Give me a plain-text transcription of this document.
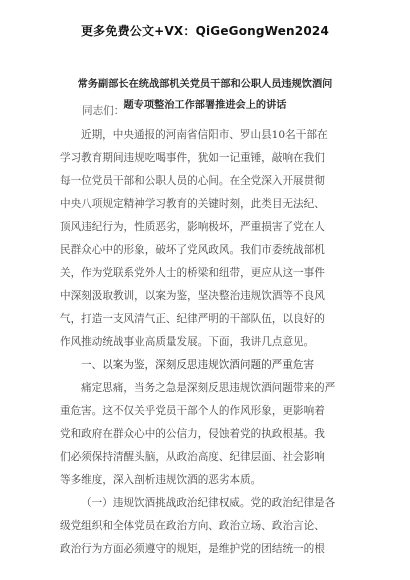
更多免费公文+VX：QiGeGongWen2024
常务副部长在统战部机关党员干部和公职人员违规饮酒问
题专项整治工作部署推进会上的讲话
同志们：
近期，中央通报的河南省信阳市、罗山县10名干部在
学习教育期间违规吃喝事件，犹如一记重锤，敲响在我们
每一位党员干部和公职人员的心间。在全党深入开展贯彻
中央八项规定精神学习教育的关键时刻，此类目无法纪、
顶风违纪行为，性质恶劣，影响极坏，严重损害了党在人
民群众心中的形象，破坏了党风政风。我们市委统战部机
关，作为党联系党外人士的桥梁和纽带，更应从这一事件
中深刻汲取教训，以案为鉴，坚决整治违规饮酒等不良风
气，打造一支风清气正、纪律严明的干部队伍，以良好的
作风推动统战事业高质量发展。下面，我讲几点意见。
一、以案为鉴，深刻反思违规饮酒问题的严重危害
痛定思痛，当务之急是深刻反思违规饮酒问题带来的严
重危害。这不仅关乎党员干部个人的作风形象，更影响着
党和政府在群众心中的公信力，侵蚀着党的执政根基。我
们必须保持清醒头脑，从政治高度、纪律层面、社会影响
等多维度，深入剖析违规饮酒的恶劣本质。
（一）违规饮酒挑战政治纪律权威。党的政治纪律是各
级党组织和全体党员在政治方向、政治立场、政治言论、
政治行为方面必须遵守的规矩，是维护党的团结统一的根
